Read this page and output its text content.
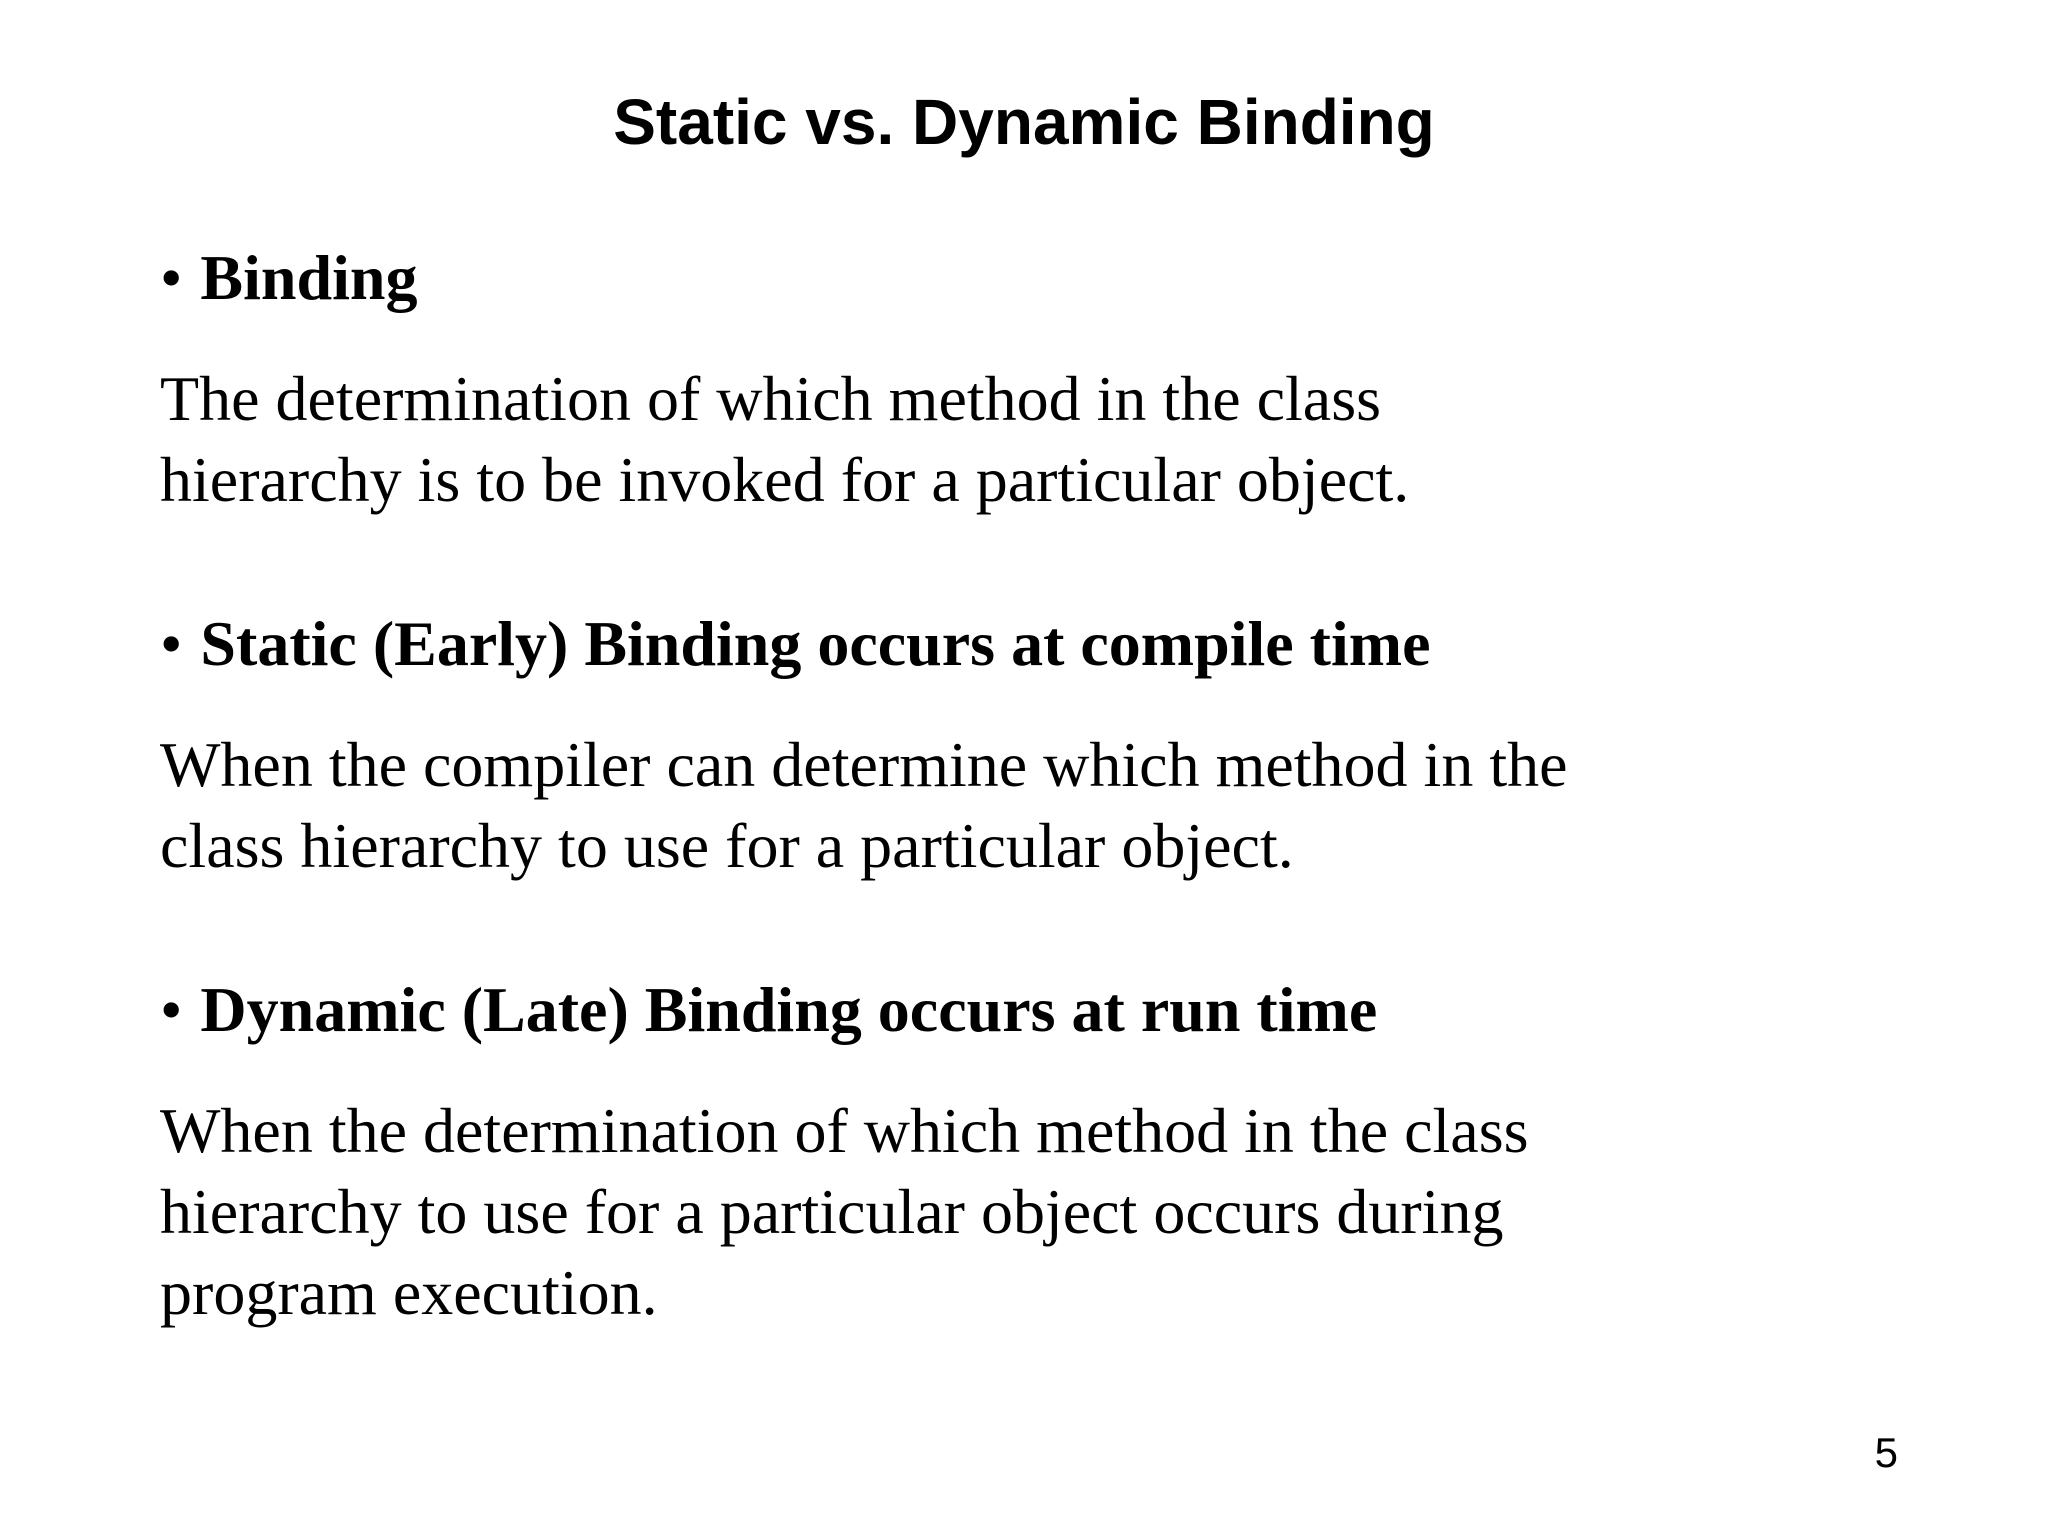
Static vs. Dynamic Binding
• Binding
The determination of which method in the class
hierarchy is to be invoked for a particular object.
• Static (Early) Binding occurs at compile time
When the compiler can determine which method in the
class hierarchy to use for a particular object.
• Dynamic (Late) Binding occurs at run time
When the determination of which method in the class
hierarchy to use for a particular object occurs during
program execution.
5
